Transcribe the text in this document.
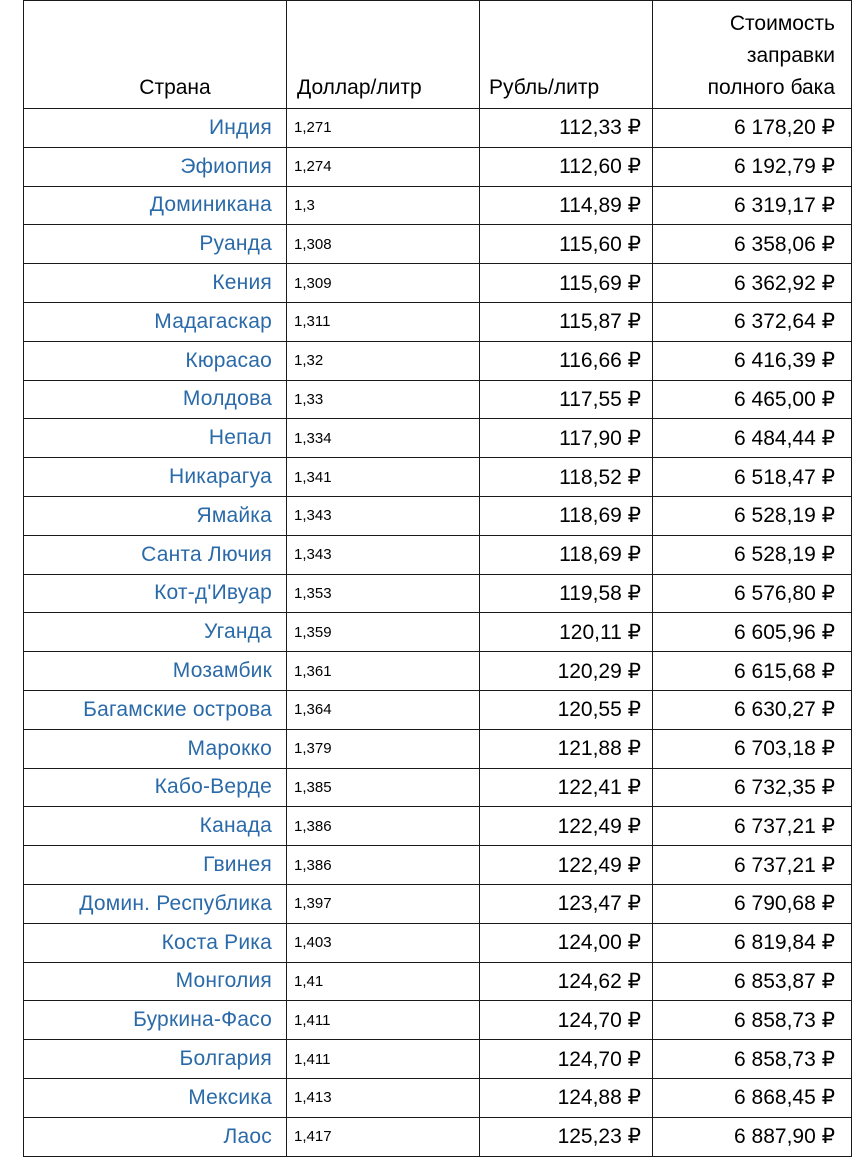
Страна	Доллар/литр	Рубль/литр	Стоимость
заправки
полного бака

Индия	1,271	112,33 ₽	6 178,20 ₽
Эфиопия	1,274	112,60 ₽	6 192,79 ₽
Доминикана	1,3	114,89 ₽	6 319,17 ₽
Руанда	1,308	115,60 ₽	6 358,06 ₽
Кения	1,309	115,69 ₽	6 362,92 ₽
Мадагаскар	1,311	115,87 ₽	6 372,64 ₽
Кюрасао	1,32	116,66 ₽	6 416,39 ₽
Молдова	1,33	117,55 ₽	6 465,00 ₽
Непал	1,334	117,90 ₽	6 484,44 ₽
Никарагуа	1,341	118,52 ₽	6 518,47 ₽
Ямайка	1,343	118,69 ₽	6 528,19 ₽
Санта Лючия	1,343	118,69 ₽	6 528,19 ₽
Кот-д'Ивуар	1,353	119,58 ₽	6 576,80 ₽
Уганда	1,359	120,11 ₽	6 605,96 ₽
Мозамбик	1,361	120,29 ₽	6 615,68 ₽
Багамские острова	1,364	120,55 ₽	6 630,27 ₽
Марокко	1,379	121,88 ₽	6 703,18 ₽
Кабо-Верде	1,385	122,41 ₽	6 732,35 ₽
Канада	1,386	122,49 ₽	6 737,21 ₽
Гвинея	1,386	122,49 ₽	6 737,21 ₽
Домин. Республика	1,397	123,47 ₽	6 790,68 ₽
Коста Рика	1,403	124,00 ₽	6 819,84 ₽
Монголия	1,41	124,62 ₽	6 853,87 ₽
Буркина-Фасо	1,411	124,70 ₽	6 858,73 ₽
Болгария	1,411	124,70 ₽	6 858,73 ₽
Мексика	1,413	124,88 ₽	6 868,45 ₽
Лаос	1,417	125,23 ₽	6 887,90 ₽
